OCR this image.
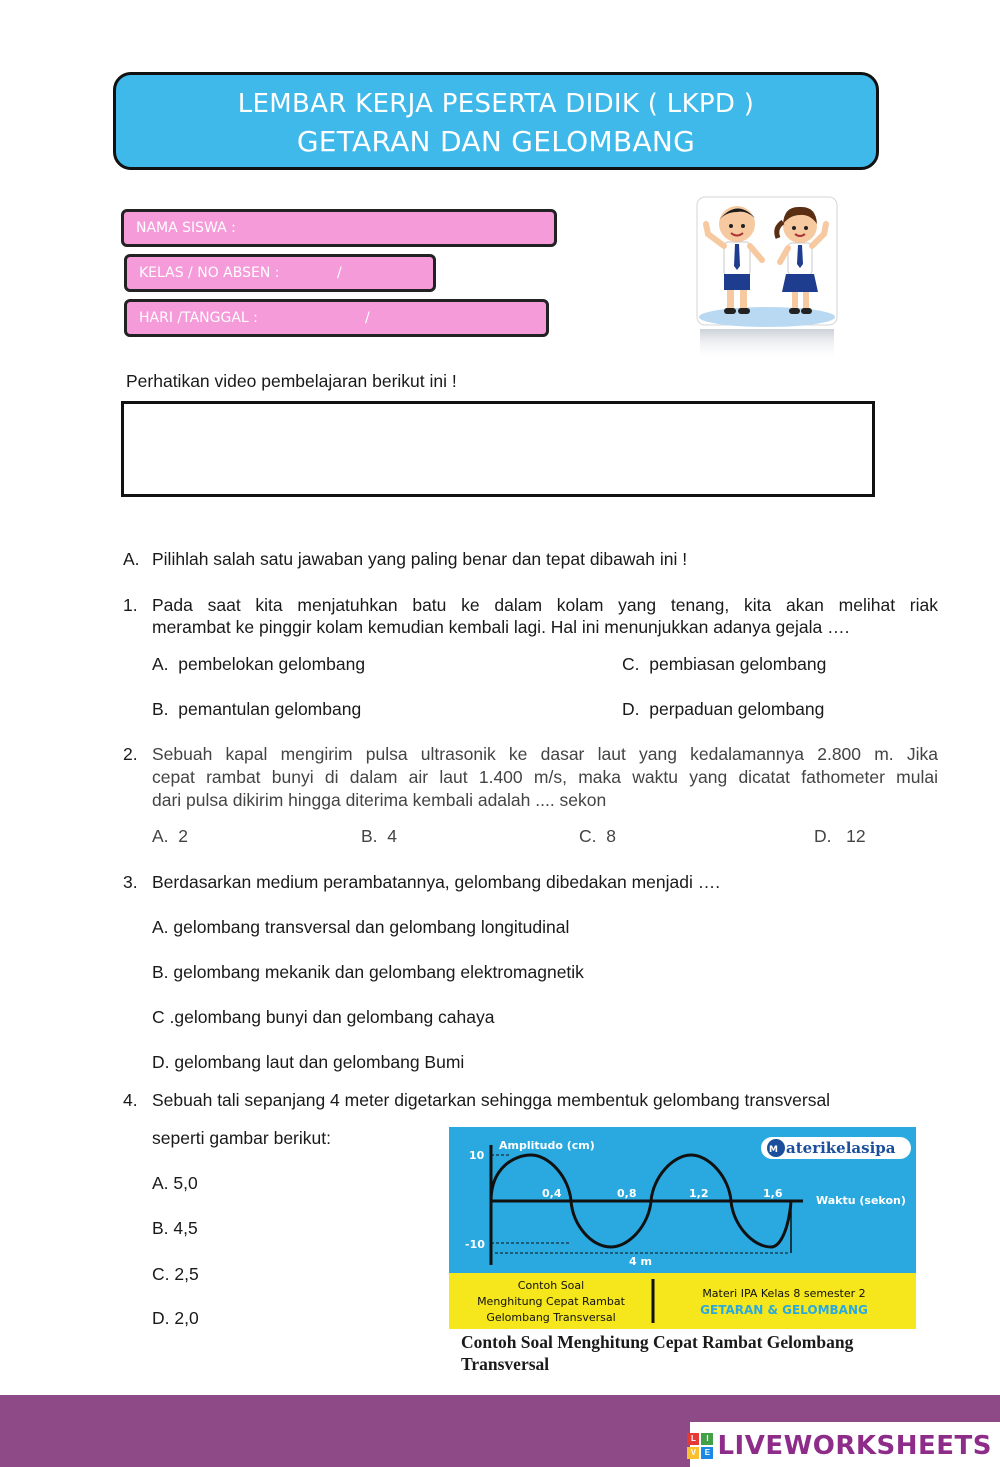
LEMBAR KERJA PESERTA DIDIK ( LKPD )
GETARAN DAN GELOMBANG
NAMA SISWA :
KELAS / NO ABSEN :	/
HARI /TANGGAL :	/
Perhatikan video pembelajaran berikut ini !
A. Pilihlah salah satu jawaban yang paling benar dan tepat dibawah ini !
1. Pada saat kita menjatuhkan batu ke dalam kolam yang tenang, kita akan melihat riak
merambat ke pinggir kolam kemudian kembali lagi. Hal ini menunjukkan adanya gejala ….
A. pembelokan gelombang	C. pembiasan gelombang
B. pemantulan gelombang	D. perpaduan gelombang
2. Sebuah kapal mengirim pulsa ultrasonik ke dasar laut yang kedalamannya 2.800 m. Jika
cepat rambat bunyi di dalam air laut 1.400 m/s, maka waktu yang dicatat fathometer mulai
dari pulsa dikirim hingga diterima kembali adalah .... sekon
A. 2	B. 4	C. 8	D. 12
3. Berdasarkan medium perambatannya, gelombang dibedakan menjadi ….
A. gelombang transversal dan gelombang longitudinal
B. gelombang mekanik dan gelombang elektromagnetik
C .gelombang bunyi dan gelombang cahaya
D. gelombang laut dan gelombang Bumi
4. Sebuah tali sepanjang 4 meter digetarkan sehingga membentuk gelombang transversal
seperti gambar berikut:
A. 5,0
B. 4,5
C. 2,5
D. 2,0
Amplitudo (cm)
10
-10
0,4	0,8	1,2	1,6
Waktu (sekon)
4 m
M aterikelasipa
Contoh Soal
Menghitung Cepat Rambat
Gelombang Transversal
Materi IPA Kelas 8 semester 2
GETARAN & GELOMBANG
Contoh Soal Menghitung Cepat Rambat Gelombang
Transversal
L	I
V	E LIVEWORKSHEETS
